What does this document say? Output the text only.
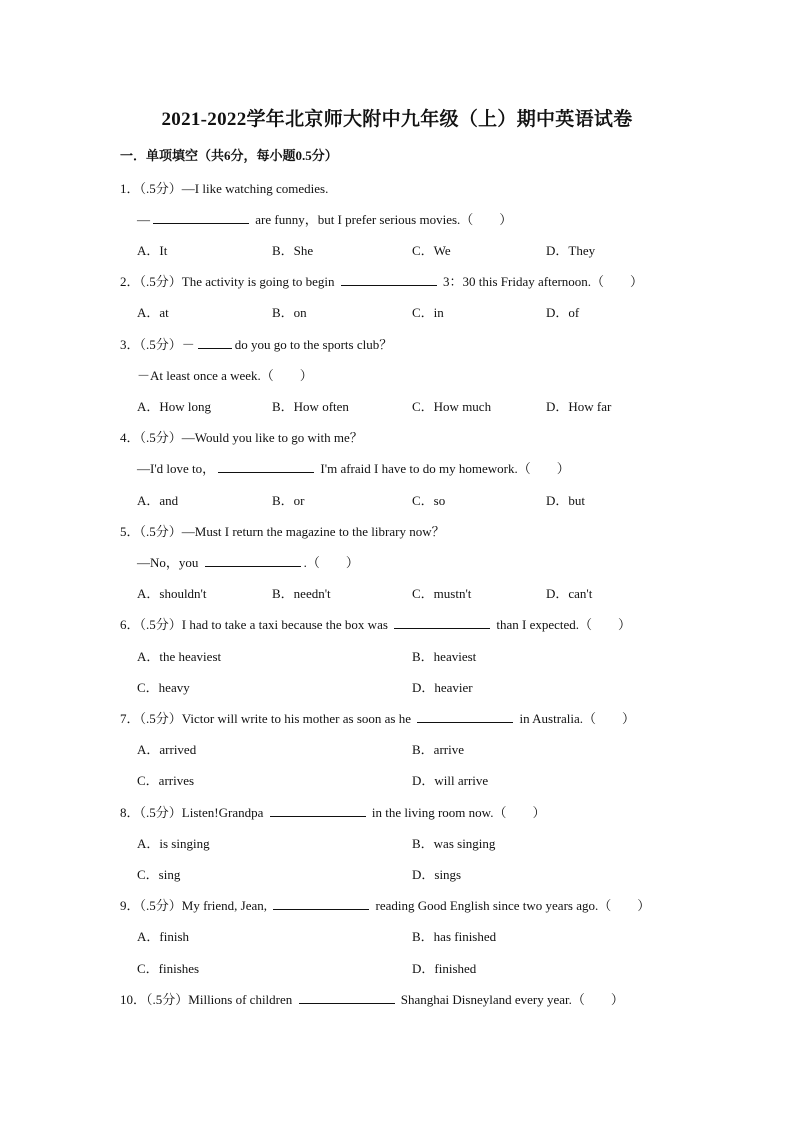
2021-2022学年北京师大附中九年级（上）期中英语试卷
一．单项填空（共6分，每小题0.5分）
1．（.5分）—I like watching comedies.
—	are funny，but I prefer serious movies.（　　）
A．It	B．She	C．We	D．They
2．（.5分）The activity is going to begin	3：30 this Friday afternoon.（　　）
A．at	B．on	C．in	D．of
3．（.5分）－	do you go to the sports club？
－At least once a week.（　　）
A．How long	B．How often	C．How much	D．How far
4．（.5分）—Would you like to go with me？
—I'd love to，	I'm afraid I have to do my homework.（　　）
A．and	B．or	C．so	D．but
5．（.5分）—Must I return the magazine to the library now？
—No，you	.（　　）
A．shouldn't	B．needn't	C．mustn't	D．can't
6．（.5分）I had to take a taxi because the box was	than I expected.（　　）
A．the heaviest	B．heaviest
C．heavy	D．heavier
7．（.5分）Victor will write to his mother as soon as he	in Australia.（　　）
A．arrived	B．arrive
C．arrives	D．will arrive
8．（.5分）Listen!Grandpa	in the living room now.（　　）
A．is singing	B．was singing
C．sing	D．sings
9．（.5分）My friend, Jean,	reading Good English since two years ago.（　　）
A．finish	B．has finished
C．finishes	D．finished
10．（.5分）Millions of children	Shanghai Disneyland every year.（　　）
